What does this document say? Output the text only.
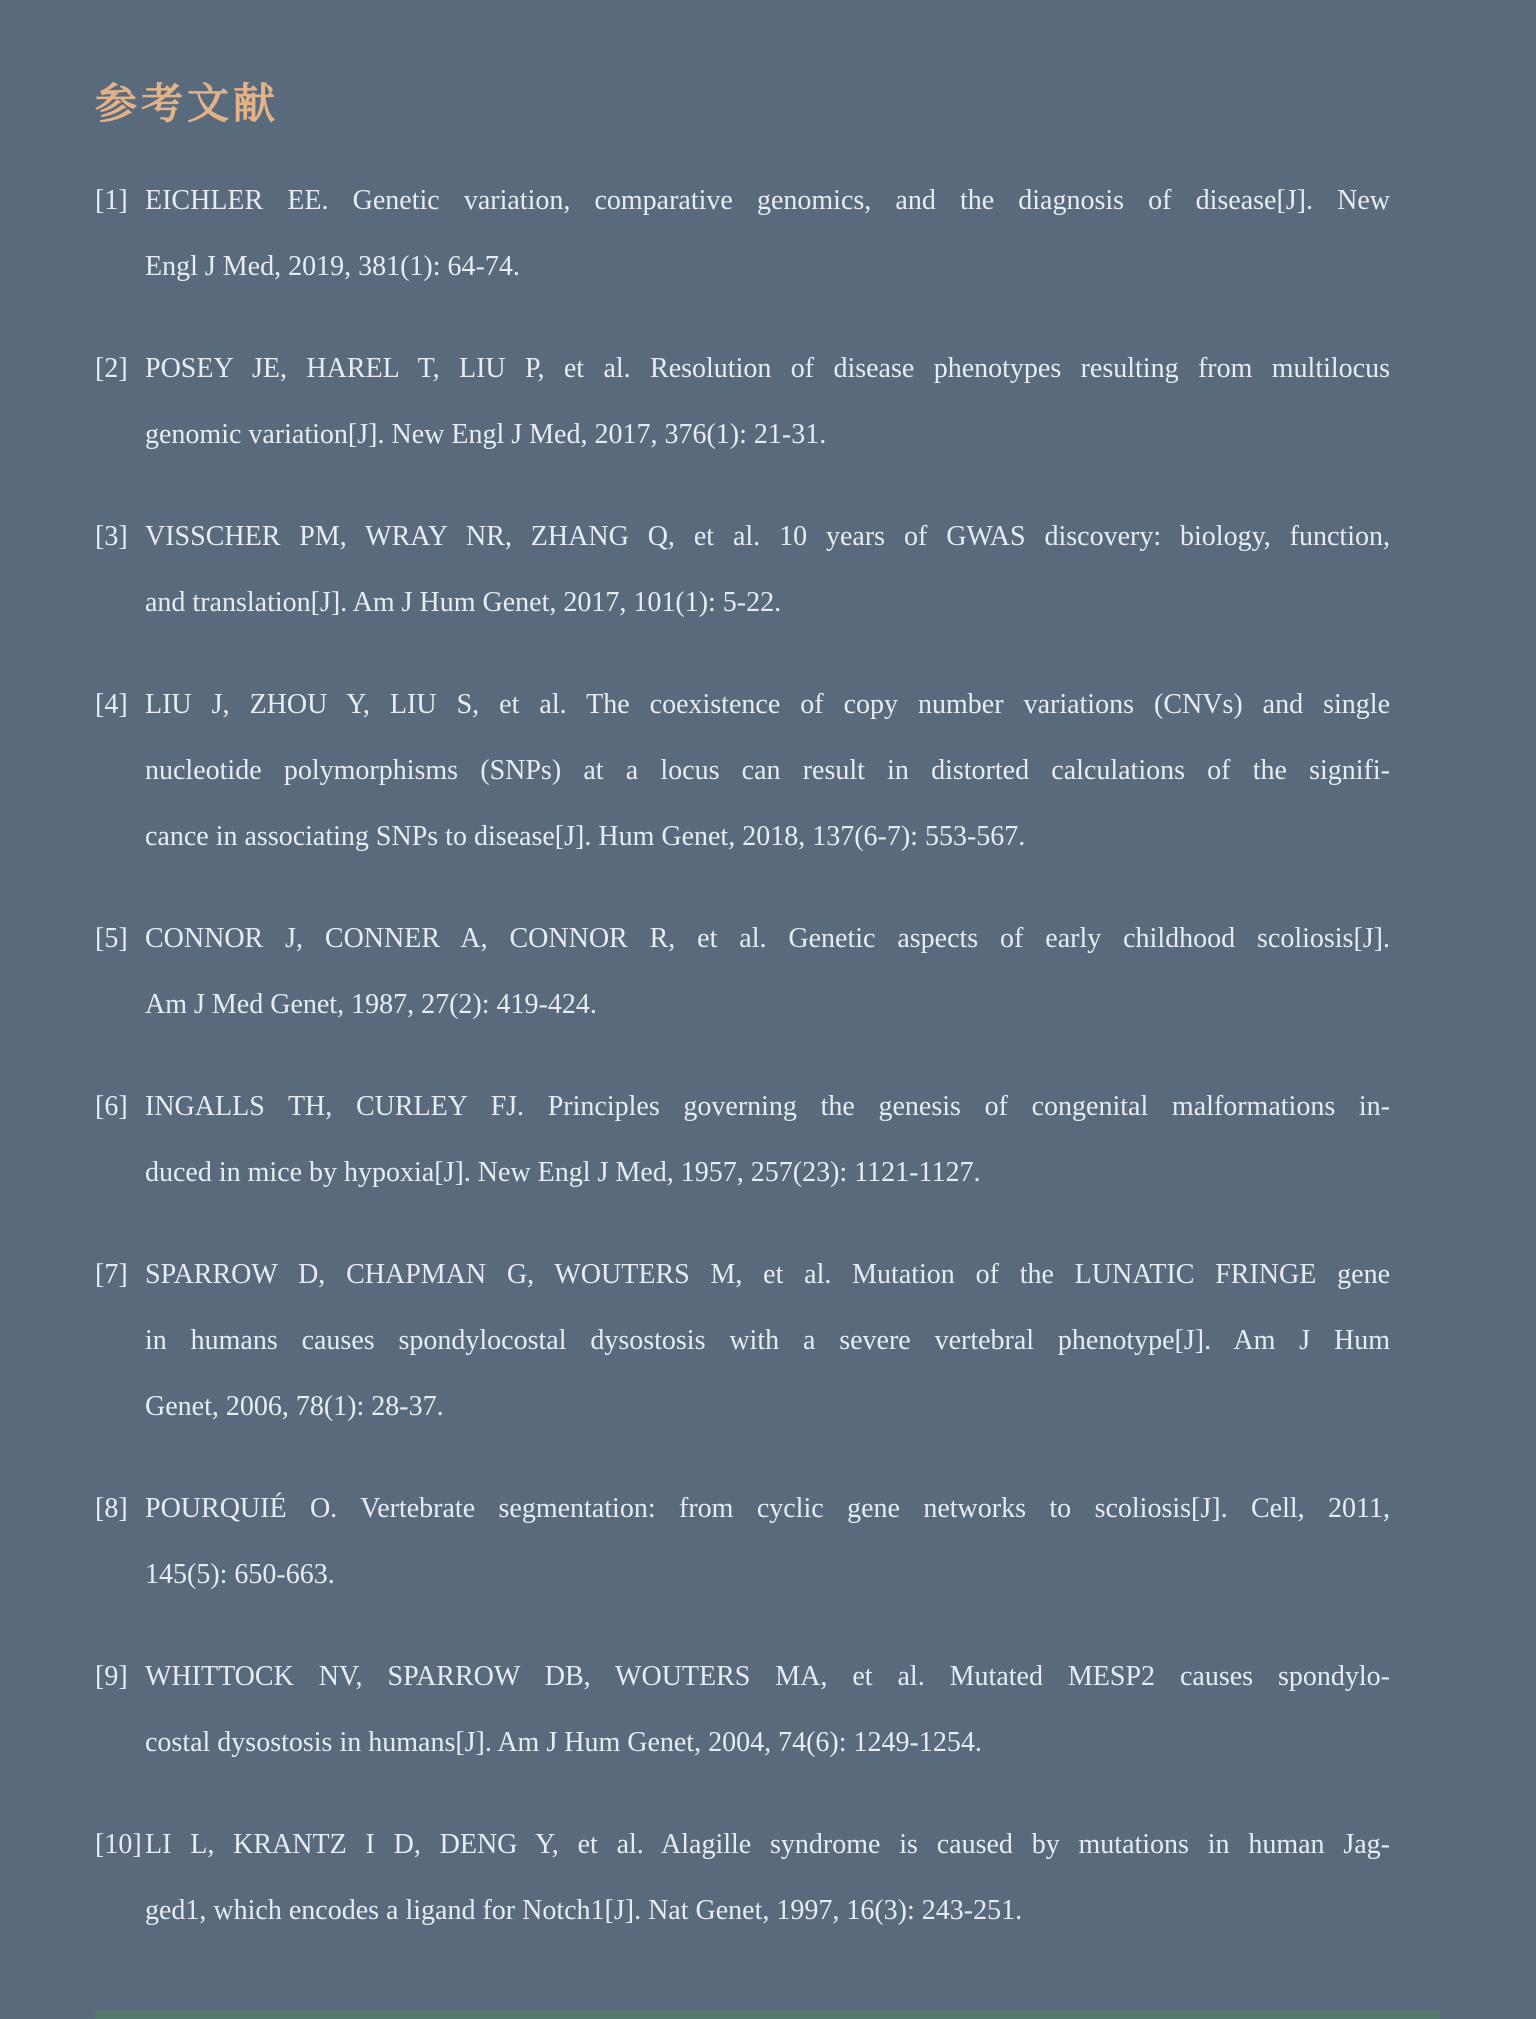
参考文献
[1] EICHLER EE. Genetic variation, comparative genomics, and the diagnosis of disease[J]. New
Engl J Med, 2019, 381(1): 64-74.
[2] POSEY JE, HAREL T, LIU P, et al. Resolution of disease phenotypes resulting from multilocus
genomic variation[J]. New Engl J Med, 2017, 376(1): 21-31.
[3] VISSCHER PM, WRAY NR, ZHANG Q, et al. 10 years of GWAS discovery: biology, function,
and translation[J]. Am J Hum Genet, 2017, 101(1): 5-22.
[4] LIU J, ZHOU Y, LIU S, et al. The coexistence of copy number variations (CNVs) and single
nucleotide polymorphisms (SNPs) at a locus can result in distorted calculations of the signifi-
cance in associating SNPs to disease[J]. Hum Genet, 2018, 137(6-7): 553-567.
[5] CONNOR J, CONNER A, CONNOR R, et al. Genetic aspects of early childhood scoliosis[J].
Am J Med Genet, 1987, 27(2): 419-424.
[6] INGALLS TH, CURLEY FJ. Principles governing the genesis of congenital malformations in-
duced in mice by hypoxia[J]. New Engl J Med, 1957, 257(23): 1121-1127.
[7] SPARROW D, CHAPMAN G, WOUTERS M, et al. Mutation of the LUNATIC FRINGE gene
in humans causes spondylocostal dysostosis with a severe vertebral phenotype[J]. Am J Hum
Genet, 2006, 78(1): 28-37.
[8] POURQUIÉ O. Vertebrate segmentation: from cyclic gene networks to scoliosis[J]. Cell, 2011,
145(5): 650-663.
[9] WHITTOCK NV, SPARROW DB, WOUTERS MA, et al. Mutated MESP2 causes spondylo-
costal dysostosis in humans[J]. Am J Hum Genet, 2004, 74(6): 1249-1254.
[10] LI L, KRANTZ I D, DENG Y, et al. Alagille syndrome is caused by mutations in human Jag-
ged1, which encodes a ligand for Notch1[J]. Nat Genet, 1997, 16(3): 243-251.
